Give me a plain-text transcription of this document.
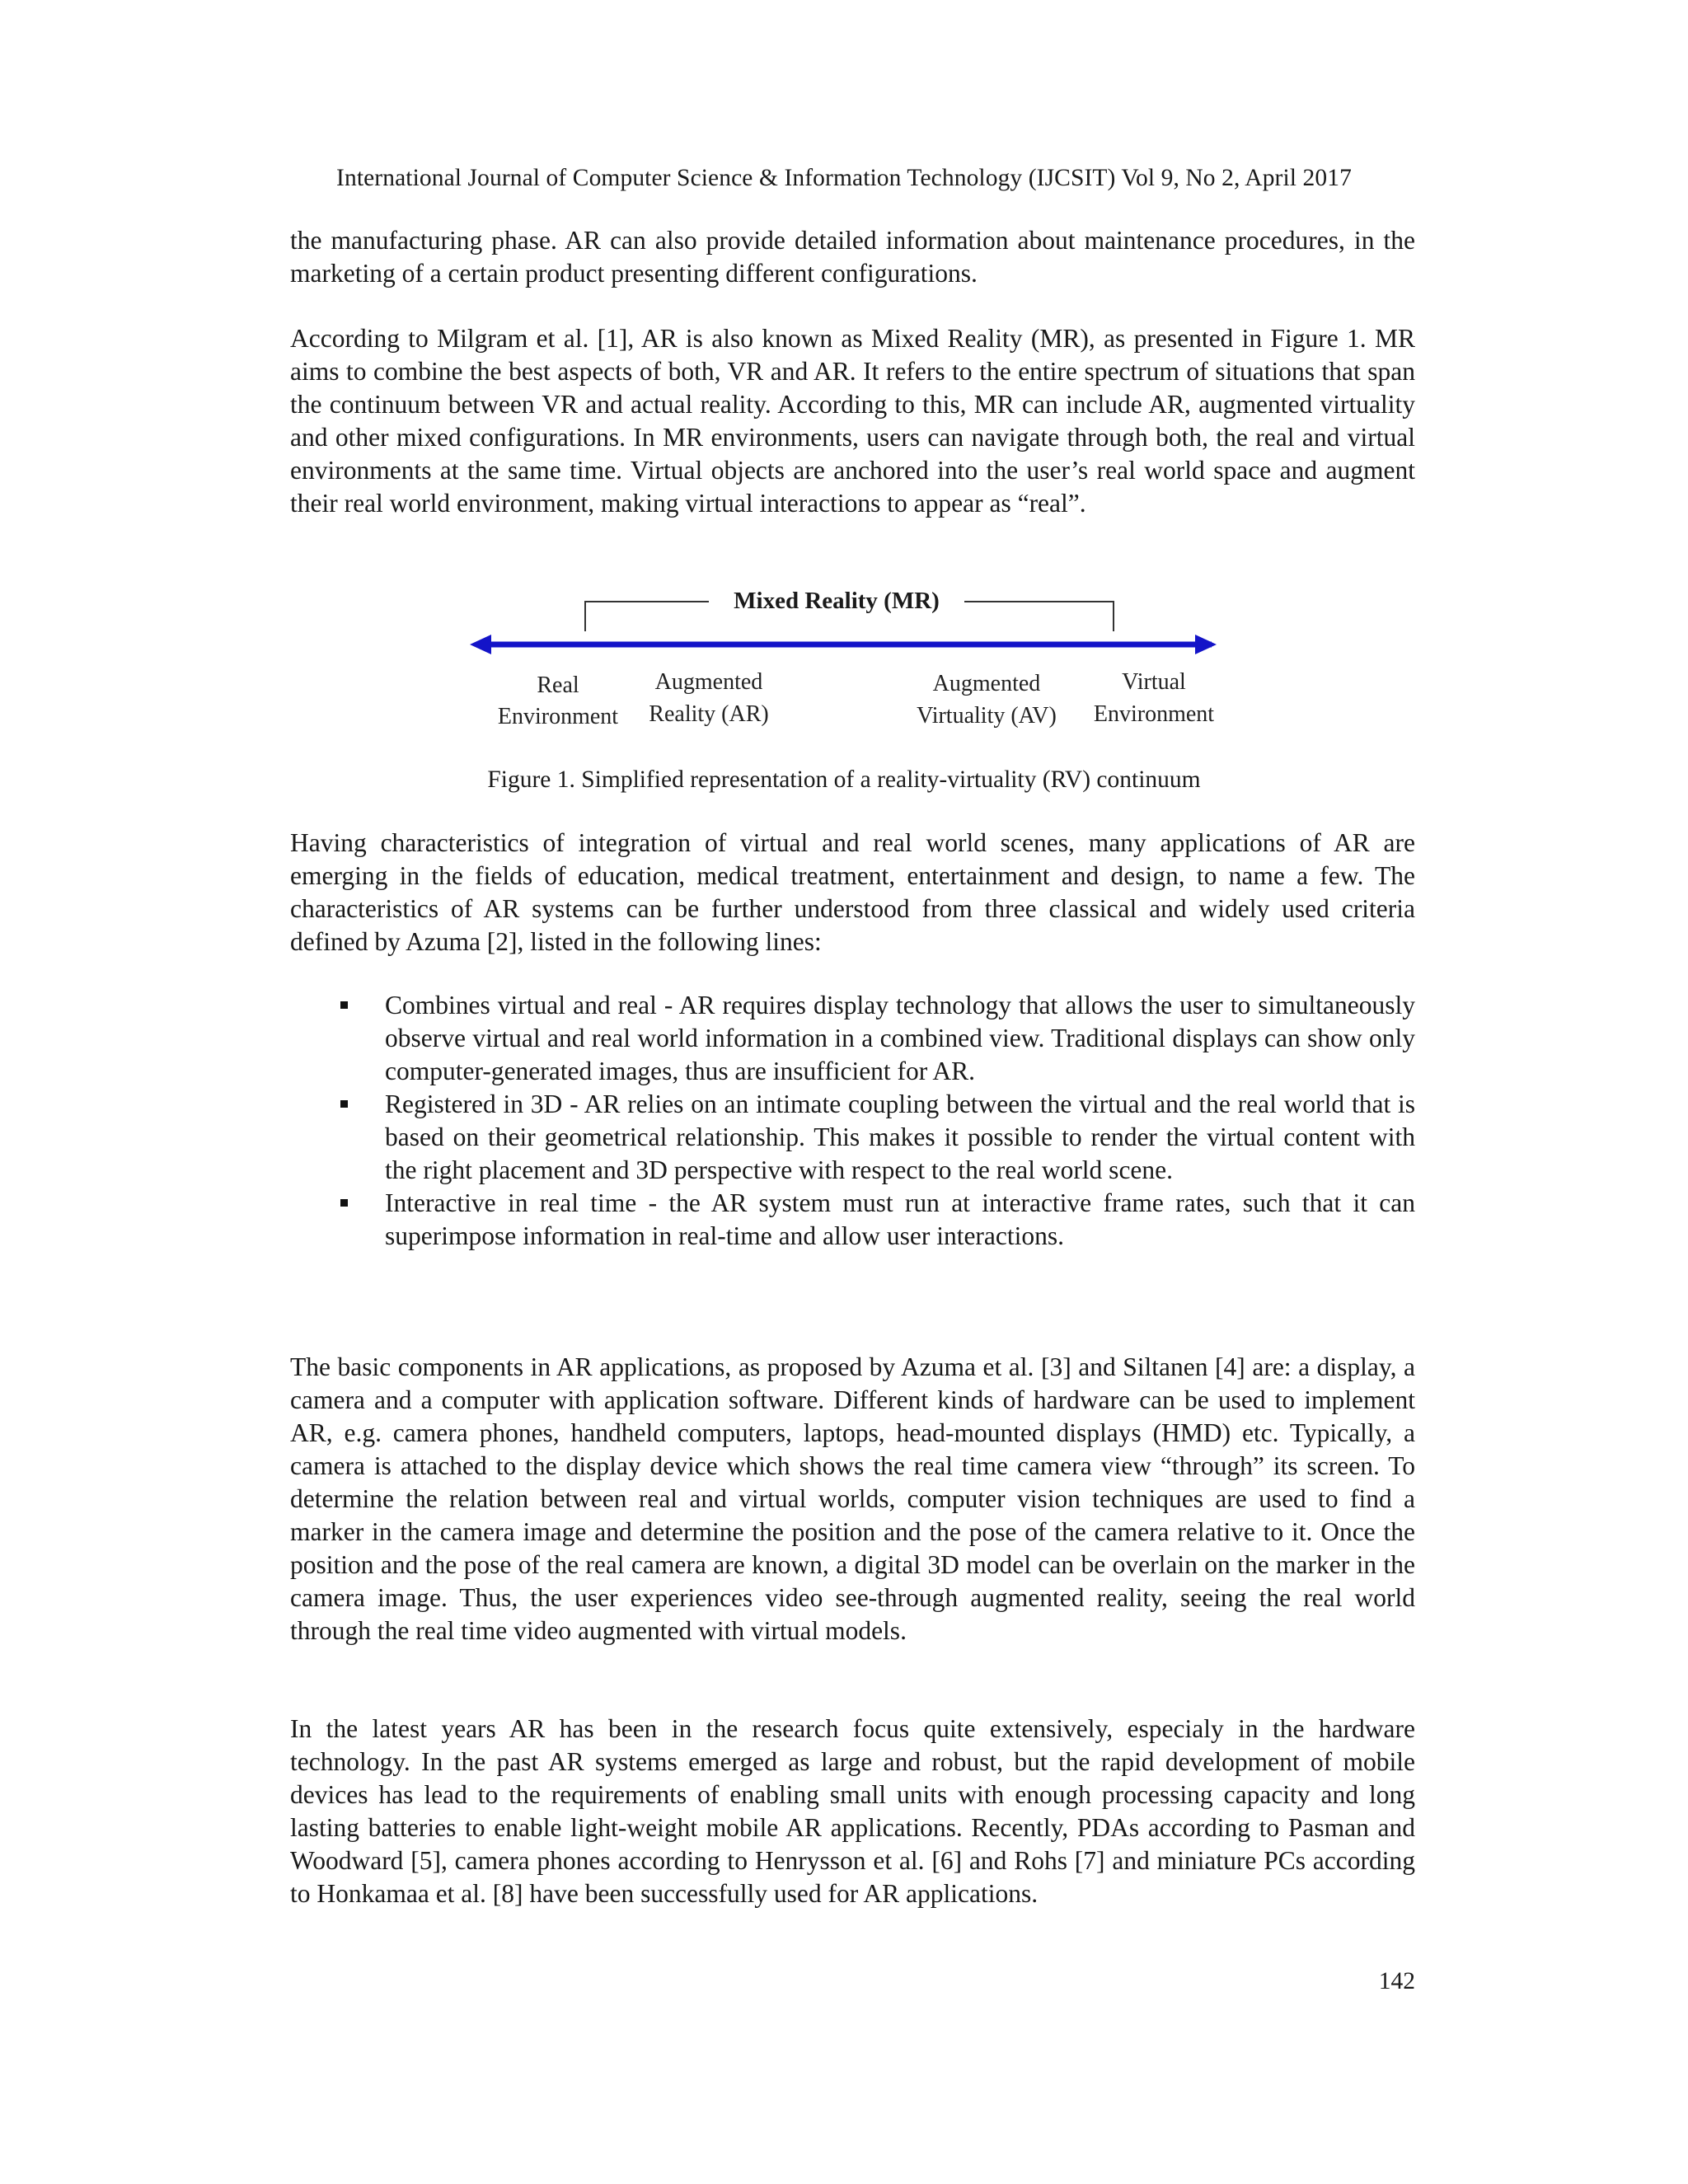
International Journal of Computer Science & Information Technology (IJCSIT) Vol 9, No 2, April 2017

the manufacturing phase. AR can also provide detailed information about maintenance procedures, in the marketing of a certain product presenting different configurations.

According to Milgram et al. [1], AR is also known as Mixed Reality (MR), as presented in Figure 1. MR aims to combine the best aspects of both, VR and AR. It refers to the entire spectrum of situations that span the continuum between VR and actual reality. According to this, MR can include AR, augmented virtuality and other mixed configurations. In MR environments, users can navigate through both, the real and virtual environments at the same time. Virtual objects are anchored into the user’s real world space and augment their real world environment, making virtual interactions to appear as “real”.

Mixed Reality (MR)
Real
Environment
Augmented
Reality (AR)
Augmented
Virtuality (AV)
Virtual
Environment
Figure 1. Simplified representation of a reality-virtuality (RV) continuum

Having characteristics of integration of virtual and real world scenes, many applications of AR are emerging in the fields of education, medical treatment, entertainment and design, to name a few. The characteristics of AR systems can be further understood from three classical and widely used criteria defined by Azuma [2], listed in the following lines:

Combines virtual and real - AR requires display technology that allows the user to simultaneously observe virtual and real world information in a combined view. Traditional displays can show only computer-generated images, thus are insufficient for AR.
Registered in 3D - AR relies on an intimate coupling between the virtual and the real world that is based on their geometrical relationship. This makes it possible to render the virtual content with the right placement and 3D perspective with respect to the real world scene.
Interactive in real time - the AR system must run at interactive frame rates, such that it can superimpose information in real-time and allow user interactions.

The basic components in AR applications, as proposed by Azuma et al. [3] and Siltanen [4] are: a display, a camera and a computer with application software. Different kinds of hardware can be used to implement AR, e.g. camera phones, handheld computers, laptops, head-mounted displays (HMD) etc. Typically, a camera is attached to the display device which shows the real time camera view “through” its screen. To determine the relation between real and virtual worlds, computer vision techniques are used to find a marker in the camera image and determine the position and the pose of the camera relative to it. Once the position and the pose of the real camera are known, a digital 3D model can be overlain on the marker in the camera image. Thus, the user experiences video see-through augmented reality, seeing the real world through the real time video augmented with virtual models.

In the latest years AR has been in the research focus quite extensively, especialy in the hardware technology. In the past AR systems emerged as large and robust, but the rapid development of mobile devices has lead to the requirements of enabling small units with enough processing capacity and long lasting batteries to enable light-weight mobile AR applications. Recently, PDAs according to Pasman and Woodward [5], camera phones according to Henrysson et al. [6] and Rohs [7] and miniature PCs according to Honkamaa et al. [8] have been successfully used for AR applications.

142
